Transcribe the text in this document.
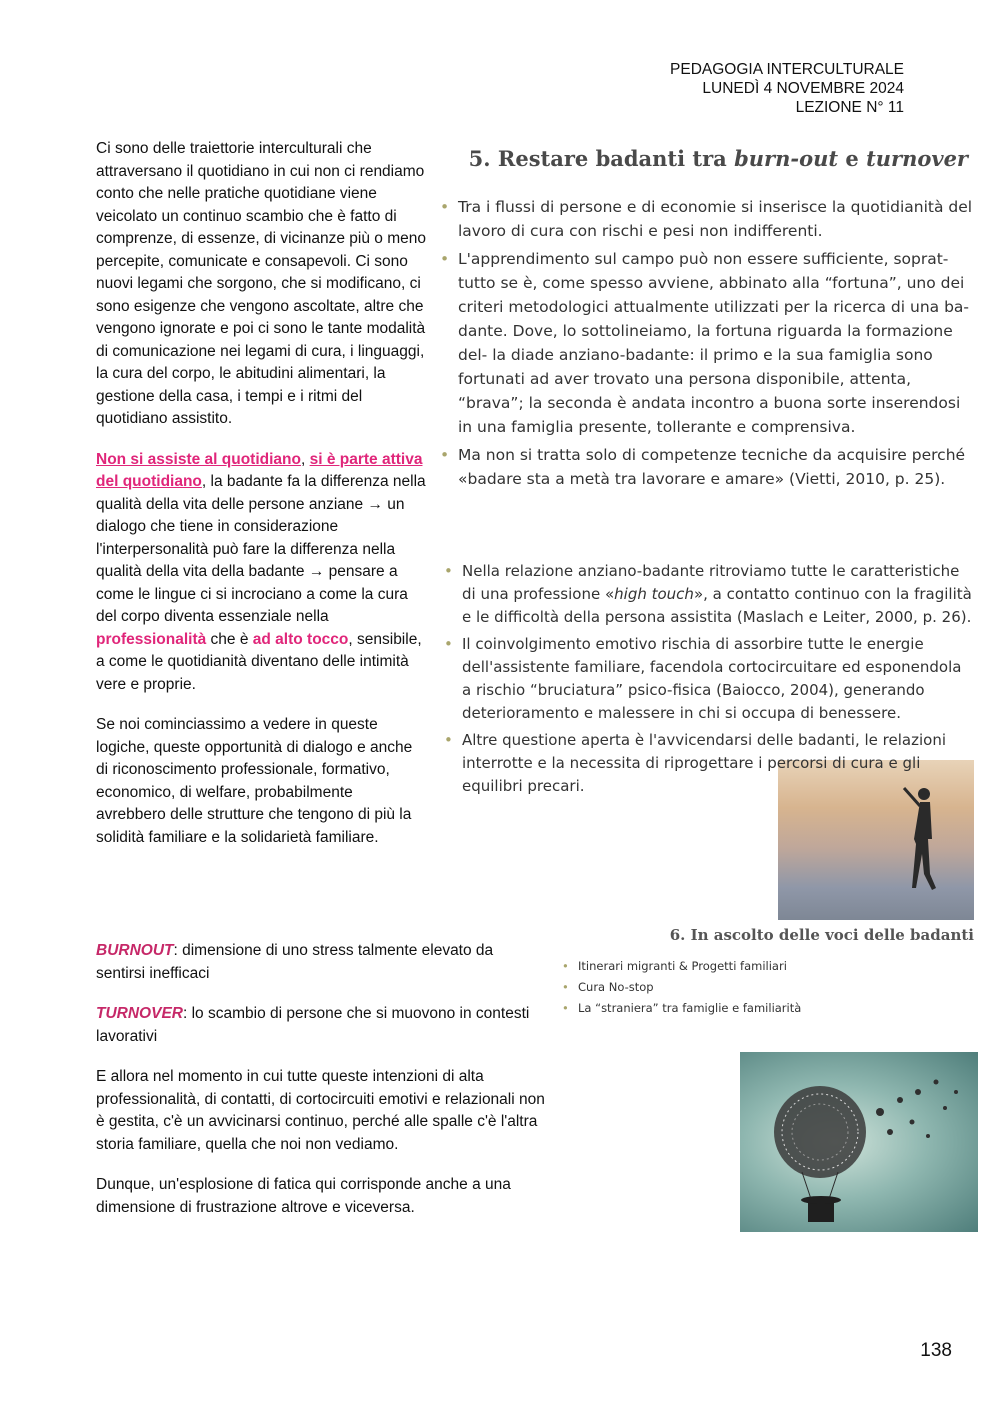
PEDAGOGIA INTERCULTURALE
LUNEDÌ 4 NOVEMBRE 2024
LEZIONE N° 11

Ci sono delle traiettorie interculturali che attraversano il quotidiano in cui non ci rendiamo conto che nelle pratiche quotidiane viene veicolato un continuo scambio che è fatto di comprenze, di essenze, di vicinanze più o meno percepite, comunicate e consapevoli. Ci sono nuovi legami che sorgono, che si modificano, ci sono esigenze che vengono ascoltate, altre che vengono ignorate e poi ci sono le tante modalità di comunicazione nei legami di cura, i linguaggi, la cura del corpo, le abitudini alimentari, la gestione della casa, i tempi e i ritmi del quotidiano assistito.

Non si assiste al quotidiano, si è parte attiva del quotidiano, la badante fa la differenza nella qualità della vita delle persone anziane → un dialogo che tiene in considerazione l'interpersonalità può fare la differenza nella qualità della vita della badante → pensare a come le lingue ci si incrociano a come la cura del corpo diventa essenziale nella professionalità che è ad alto tocco, sensibile, a come le quotidianità diventano delle intimità vere e proprie.

Se noi cominciassimo a vedere in queste logiche, queste opportunità di dialogo e anche di riconoscimento professionale, formativo, economico, di welfare, probabilmente avrebbero delle strutture che tengono di più la solidità familiare e la solidarietà familiare.

BURNOUT: dimensione di uno stress talmente elevato da sentirsi inefficaci

TURNOVER: lo scambio di persone che si muovono in contesti lavorativi

E allora nel momento in cui tutte queste intenzioni di alta professionalità, di contatti, di cortocircuiti emotivi e relazionali non è gestita, c'è un avvicinarsi continuo, perché alle spalle c'è l'altra storia familiare, quella che noi non vediamo.

Dunque, un'esplosione di fatica qui corrisponde anche a una dimensione di frustrazione altrove e viceversa.

5. Restare badanti tra burn-out e turnover
• Tra i flussi di persone e di economie si inserisce la quotidianità del lavoro di cura con rischi e pesi non indifferenti.
• L'apprendimento sul campo può non essere sufficiente, soprat-tutto se è, come spesso avviene, abbinato alla “fortuna”, uno dei criteri metodologici attualmente utilizzati per la ricerca di una ba- dante. Dove, lo sottolineiamo, la fortuna riguarda la formazione del- la diade anziano-badante: il primo e la sua famiglia sono fortunati ad aver trovato una persona disponibile, attenta, “brava”; la seconda è andata incontro a buona sorte inserendosi in una famiglia presente, tollerante e comprensiva.
• Ma non si tratta solo di competenze tecniche da acquisire perché «badare sta a metà tra lavorare e amare» (Vietti, 2010, p. 25).
• Nella relazione anziano-badante ritroviamo tutte le caratteristiche di una professione «high touch», a contatto continuo con la fragilità e le difficoltà della persona assistita (Maslach e Leiter, 2000, p. 26).
• Il coinvolgimento emotivo rischia di assorbire tutte le energie dell'assistente familiare, facendola cortocircuitare ed esponendola a rischio “bruciatura” psico-fisica (Baiocco, 2004), generando deterioramento e malessere in chi si occupa di benessere.
• Altre questione aperta è l'avvicendarsi delle badanti, le relazioni interrotte e la necessita di riprogettare i percorsi di cura e gli equilibri precari.
6. In ascolto delle voci delle badanti
• Itinerari migranti & Progetti familiari
• Cura No-stop
• La “straniera” tra famiglie e familiarità
138
